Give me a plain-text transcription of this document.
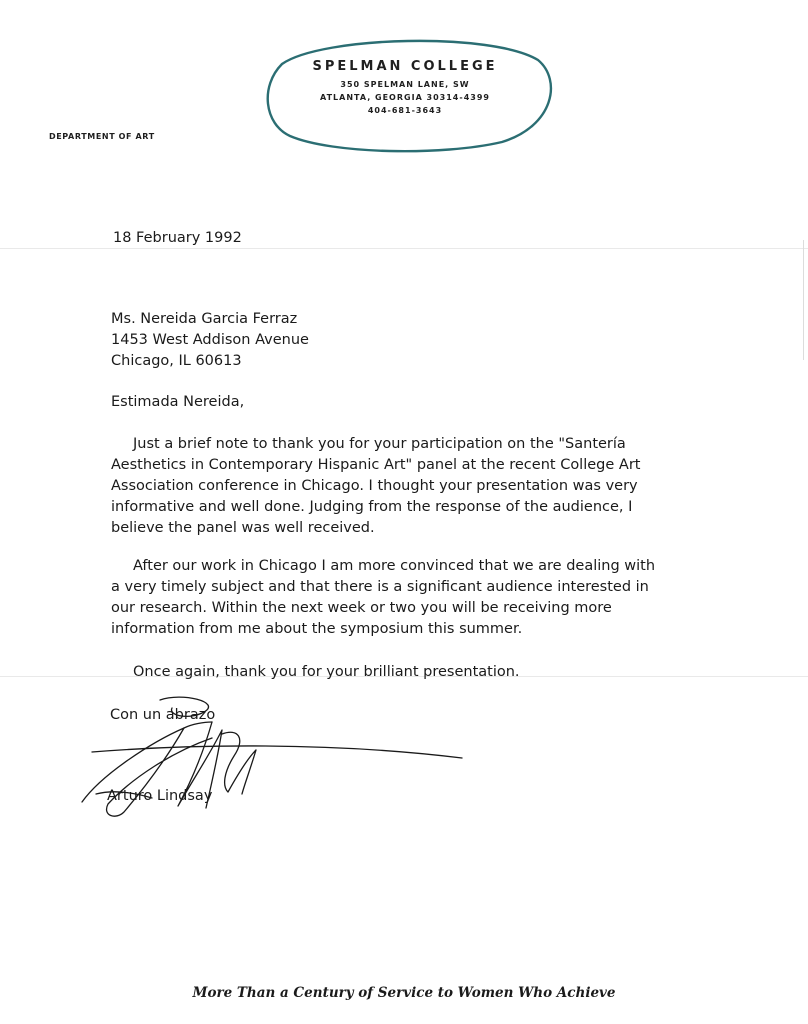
SPELMAN COLLEGE
350 SPELMAN LANE, SW
ATLANTA, GEORGIA 30314-4399
404-681-3643
DEPARTMENT OF ART
18 February 1992
Ms. Nereida Garcia Ferraz
1453 West Addison Avenue
Chicago, IL 60613
Estimada Nereida,
Just a brief note to thank you for your participation on the "Santería
Aesthetics in Contemporary Hispanic Art" panel at the recent College Art
Association conference in Chicago. I thought your presentation was very
informative and well done. Judging from the response of the audience, I
believe the panel was well received.
After our work in Chicago I am more convinced that we are dealing with
a very timely subject and that there is a significant audience interested in
our research. Within the next week or two you will be receiving more
information from me about the symposium this summer.
Once again, thank you for your brilliant presentation.
Con un abrazo
Arturo Lindsay
More Than a Century of Service to Women Who Achieve
